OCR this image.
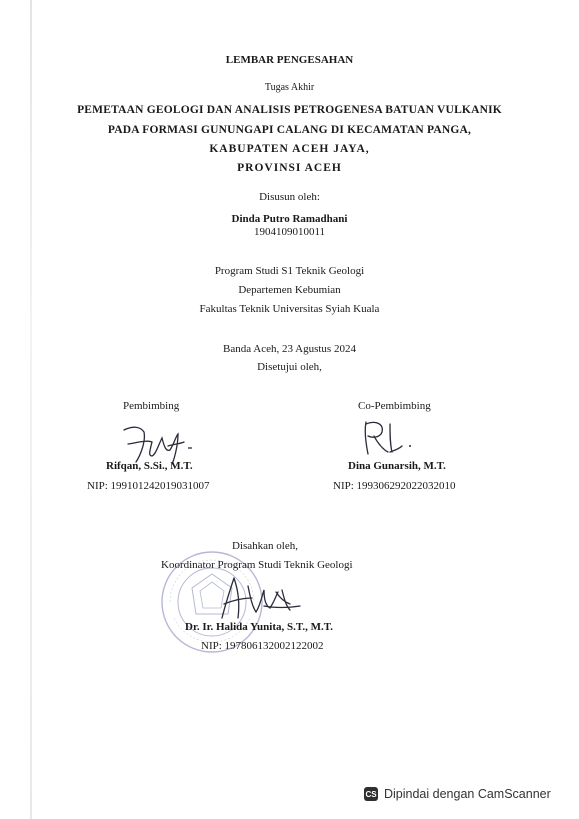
LEMBAR PENGESAHAN
Tugas Akhir
PEMETAAN GEOLOGI DAN ANALISIS PETROGENESA BATUAN VULKANIK
PADA FORMASI GUNUNGAPI CALANG DI KECAMATAN PANGA,
KABUPATEN ACEH JAYA,
PROVINSI ACEH
Disusun oleh:
Dinda Putro Ramadhani
1904109010011
Program Studi S1 Teknik Geologi
Departemen Kebumian
Fakultas Teknik Universitas Syiah Kuala
Banda Aceh, 23 Agustus 2024
Disetujui oleh,
Pembimbing
Rifqan, S.Si., M.T.
NIP: 199101242019031007
Co-Pembimbing
Dina Gunarsih, M.T.
NIP: 199306292022032010
Disahkan oleh,
Koordinator Program Studi Teknik Geologi
Dr. Ir. Halida Yunita, S.T., M.T.
NIP: 197806132002122002
CS Dipindai dengan CamScanner
